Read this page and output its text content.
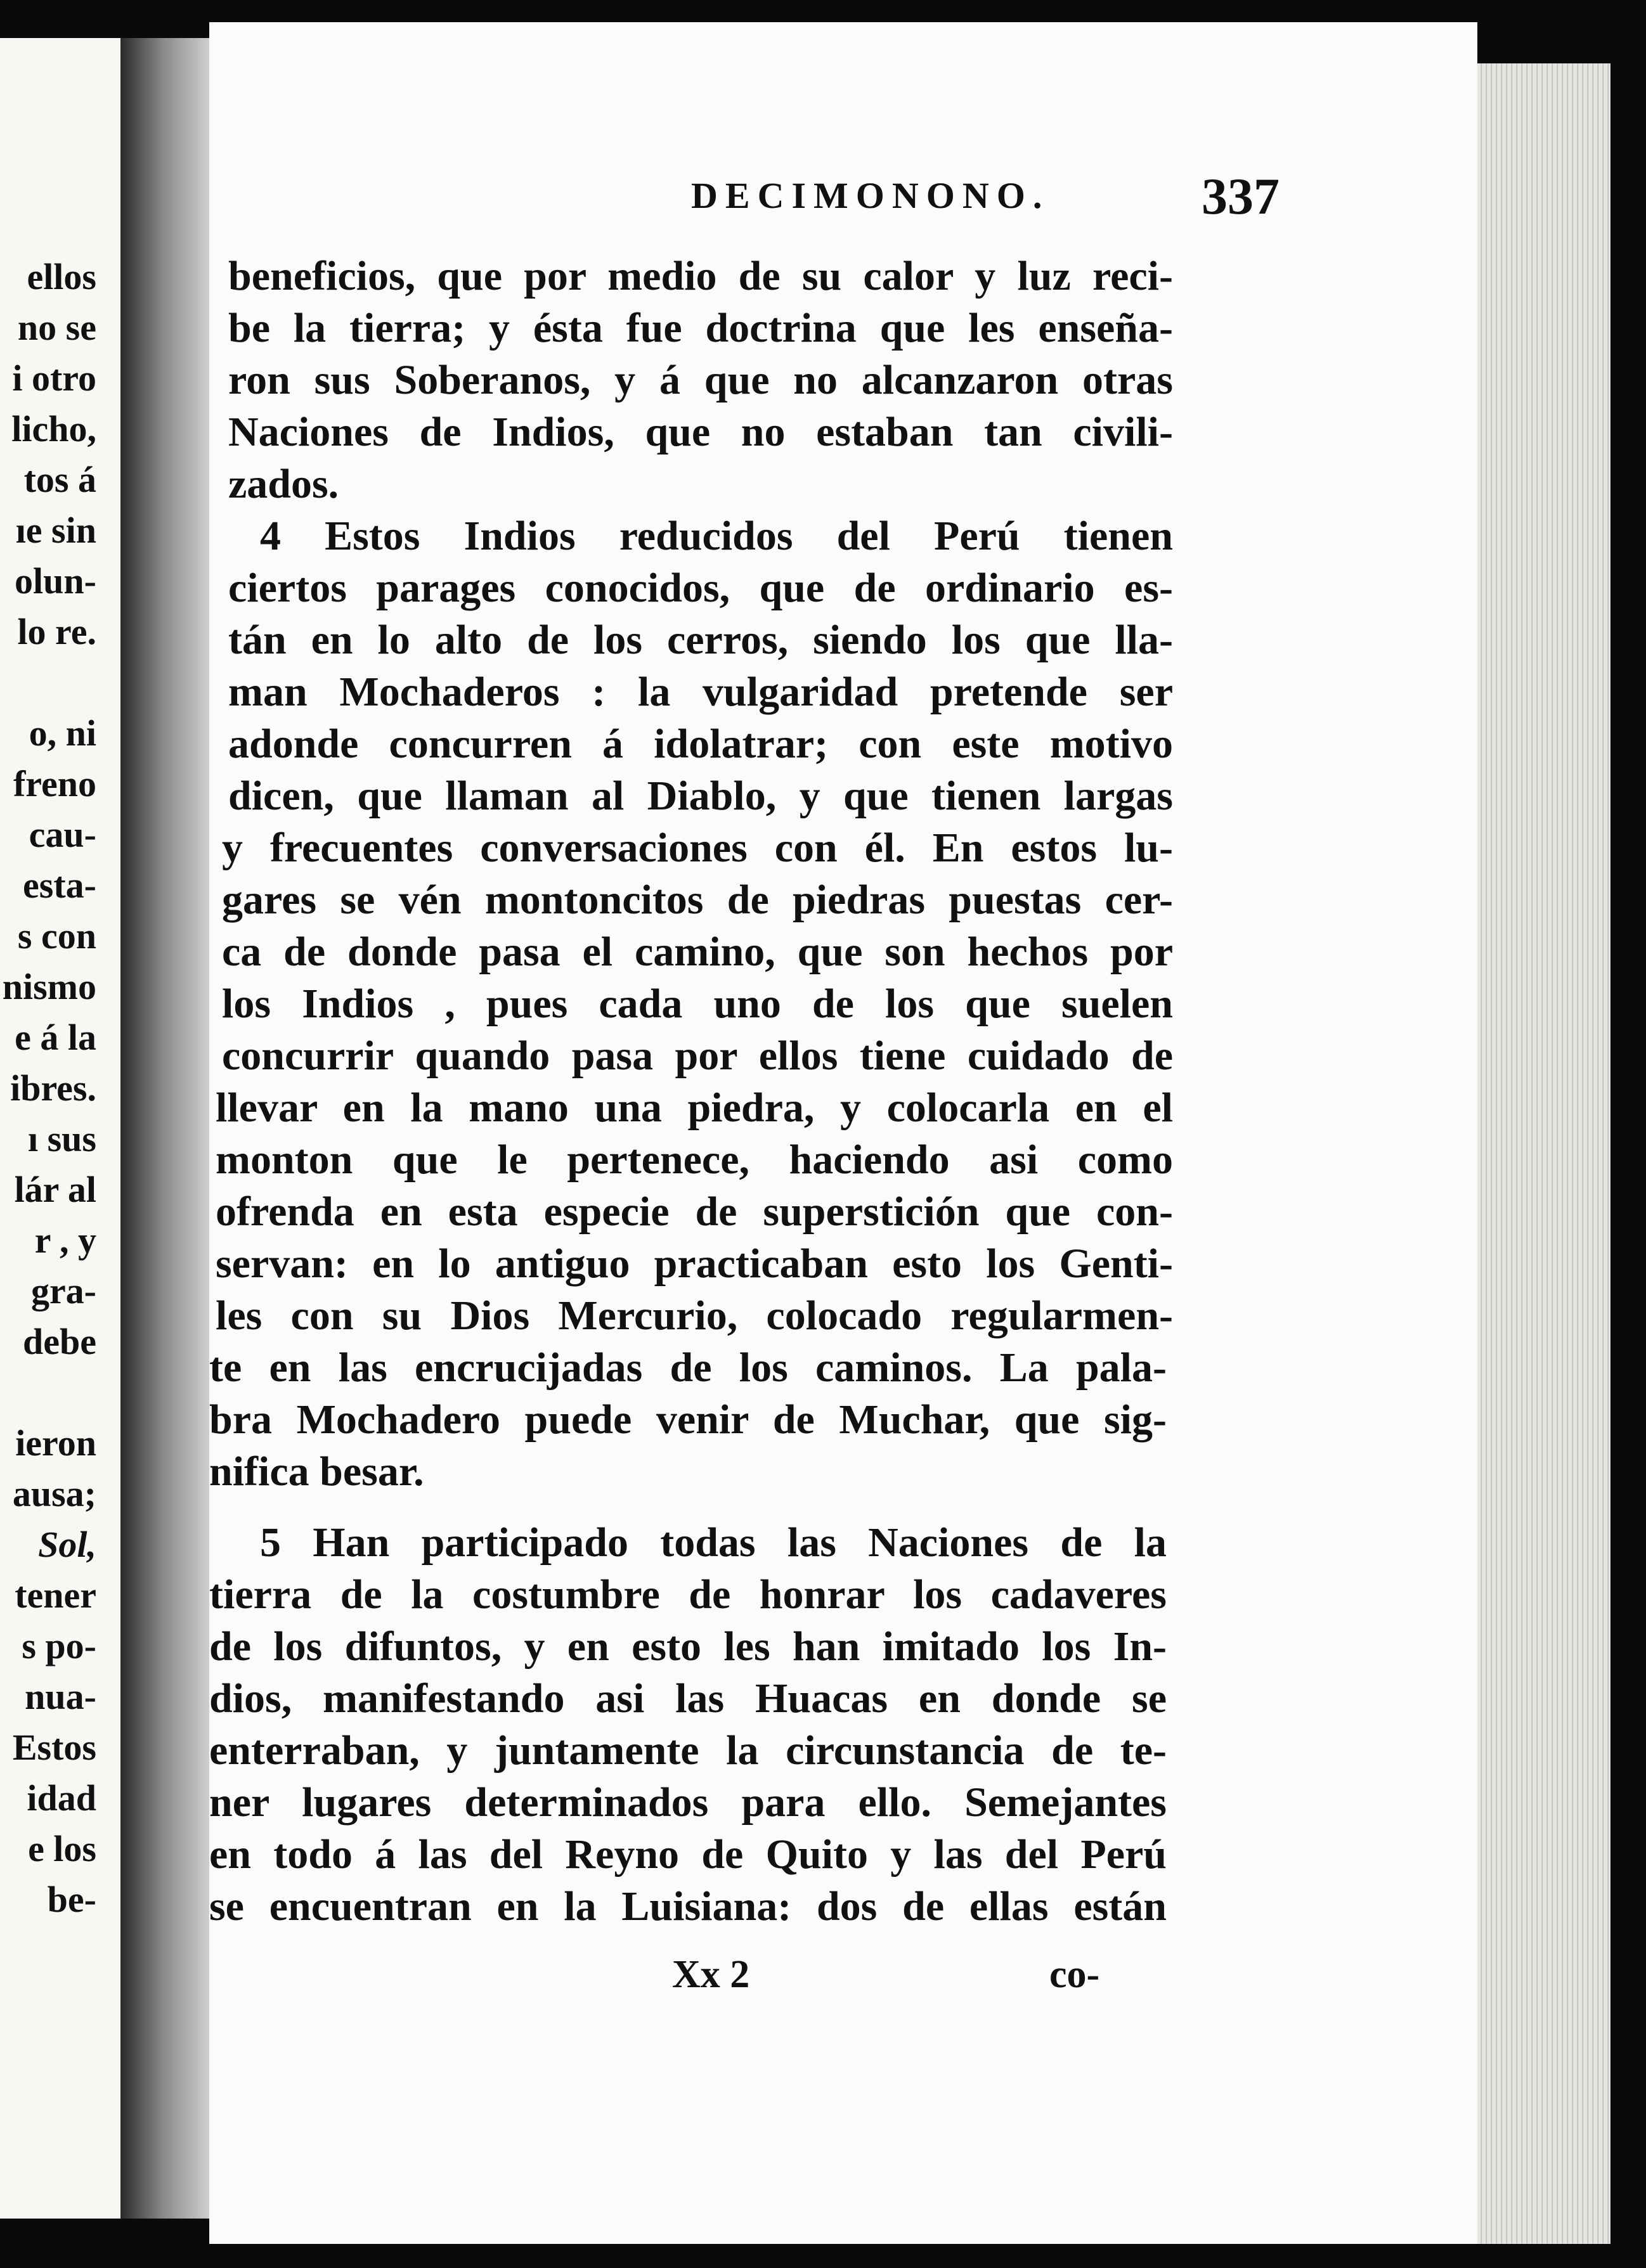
ellos
no se
i otro
licho,
tos á
ıe sin
olun-
lo re.
o, ni
freno
cau-
esta-
s con
nismo
e á la
ibres.
ı sus
lár al
r , y
gra-
debe
ieron
ausa;
Sol,
tener
s po-
nua-
Estos
idad
e los
be-
DECIMONONO.	337
beneficios, que por medio de su calor y luz reci-
be la tierra; y ésta fue doctrina que les enseña-
ron sus Soberanos, y á que no alcanzaron otras
Naciones de Indios, que no estaban tan civili-
zados.
4 Estos Indios reducidos del Perú tienen
ciertos parages conocidos, que de ordinario es-
tán en lo alto de los cerros, siendo los que lla-
man Mochaderos : la vulgaridad pretende ser
adonde concurren á idolatrar; con este motivo
dicen, que llaman al Diablo, y que tienen largas
y frecuentes conversaciones con él. En estos lu-
gares se vén montoncitos de piedras puestas cer-
ca de donde pasa el camino, que son hechos por
los Indios , pues cada uno de los que suelen
concurrir quando pasa por ellos tiene cuidado de
llevar en la mano una piedra, y colocarla en el
monton que le pertenece, haciendo asi como
ofrenda en esta especie de superstición que con-
servan: en lo antiguo practicaban esto los Genti-
les con su Dios Mercurio, colocado regularmen-
te en las encrucijadas de los caminos. La pala-
bra Mochadero puede venir de Muchar, que sig-
nifica besar.
5 Han participado todas las Naciones de la
tierra de la costumbre de honrar los cadaveres
de los difuntos, y en esto les han imitado los In-
dios, manifestando asi las Huacas en donde se
enterraban, y juntamente la circunstancia de te-
ner lugares determinados para ello. Semejantes
en todo á las del Reyno de Quito y las del Perú
se encuentran en la Luisiana: dos de ellas están
Xx 2	co-
